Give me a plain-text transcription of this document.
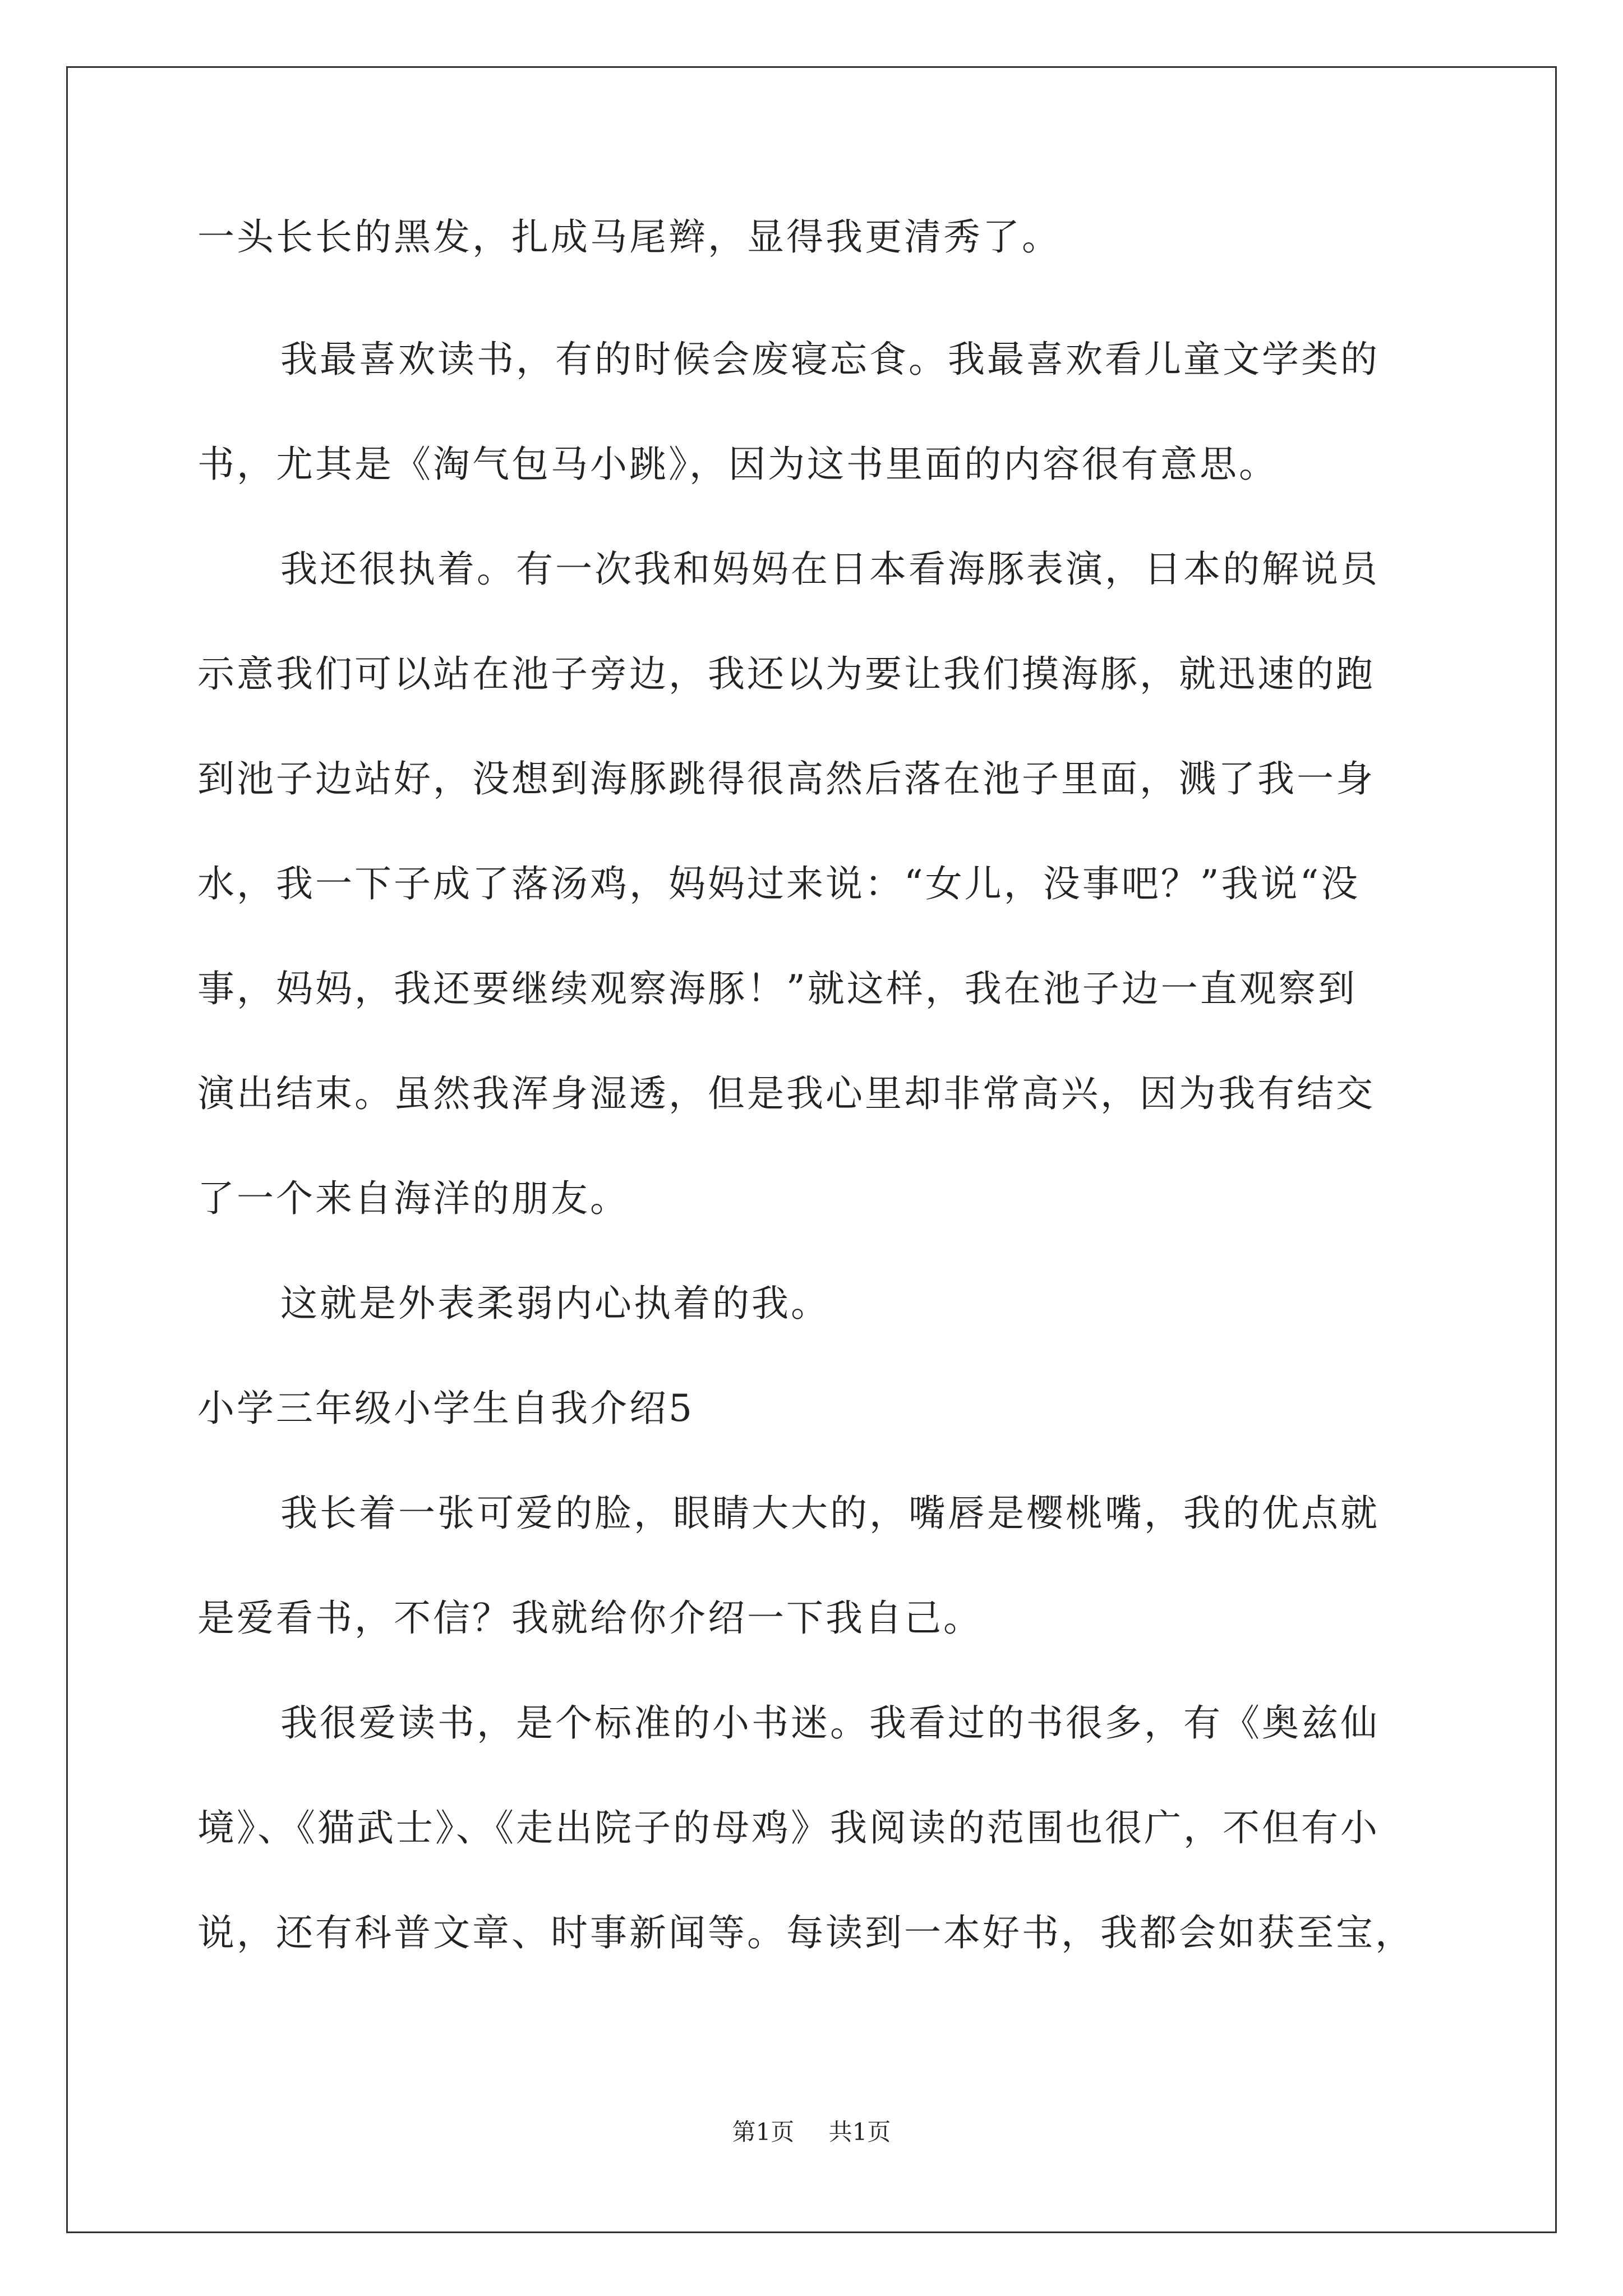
一头长长的黑发，扎成马尾辫，显得我更清秀了。

我最喜欢读书，有的时候会废寝忘食。我最喜欢看儿童文学类的

书，尤其是《淘气包马小跳》，因为这书里面的内容很有意思。

我还很执着。有一次我和妈妈在日本看海豚表演，日本的解说员

示意我们可以站在池子旁边，我还以为要让我们摸海豚，就迅速的跑

到池子边站好，没想到海豚跳得很高然后落在池子里面，溅了我一身

水，我一下子成了落汤鸡，妈妈过来说：“女儿，没事吧？”我说“没

事，妈妈，我还要继续观察海豚！”就这样，我在池子边一直观察到

演出结束。虽然我浑身湿透，但是我心里却非常高兴，因为我有结交

了一个来自海洋的朋友。

这就是外表柔弱内心执着的我。

小学三年级小学生自我介绍5

我长着一张可爱的脸，眼睛大大的，嘴唇是樱桃嘴，我的优点就

是爱看书，不信？我就给你介绍一下我自己。

我很爱读书，是个标准的小书迷。我看过的书很多，有《奥兹仙

境》、《猫武士》、《走出院子的母鸡》我阅读的范围也很广，不但有小

说，还有科普文章、时事新闻等。每读到一本好书，我都会如获至宝，

第1页 共1页
